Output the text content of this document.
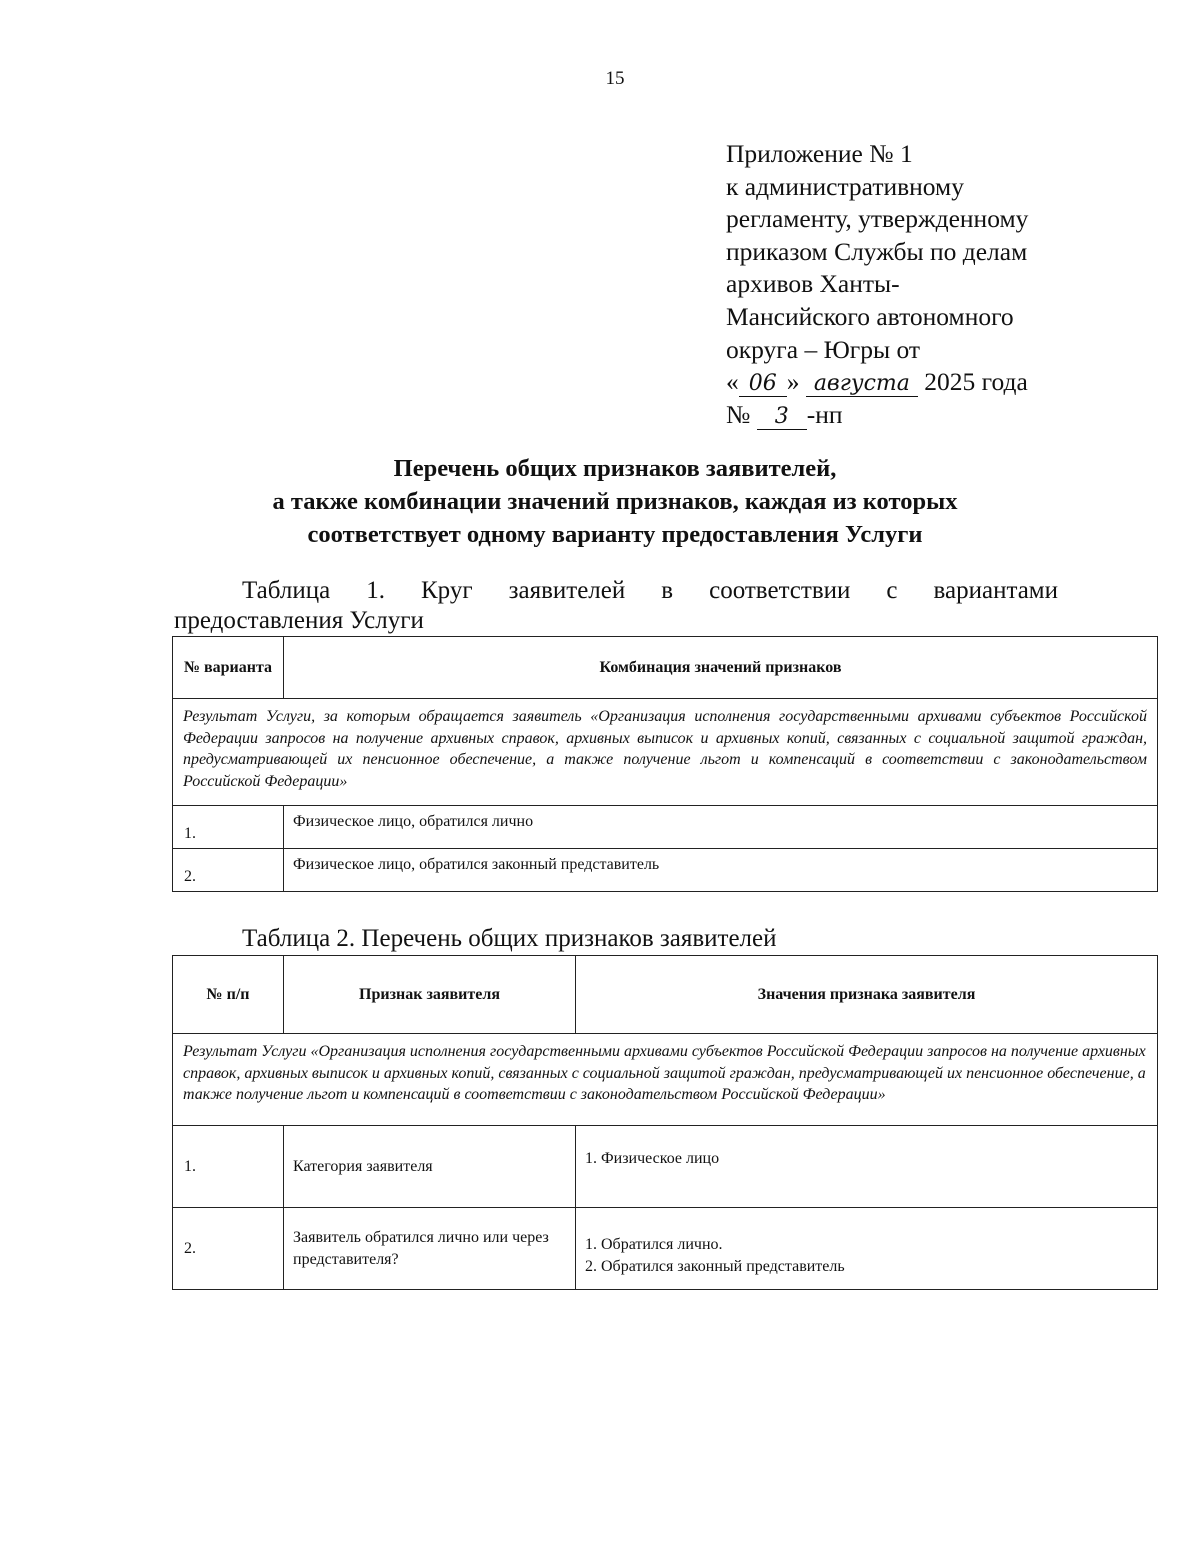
15
Приложение № 1
к административному
регламенту, утвержденному
приказом Службы по делам
архивов Ханты-
Мансийского автономного
округа – Югры от
« 06 » августа 2025 года
№ 3 -нп
Перечень общих признаков заявителей,
а также комбинации значений признаков, каждая из которых
соответствует одному варианту предоставления Услуги
Таблица 1. Круг заявителей в соответствии с вариантами
предоставления Услуги
№ варианта	Комбинация значений признаков
Результат Услуги, за которым обращается заявитель «Организация исполнения государственными архивами субъектов Российской Федерации запросов на получение архивных справок, архивных выписок и архивных копий, связанных с социальной защитой граждан, предусматривающей их пенсионное обеспечение, а также получение льгот и компенсаций в соответствии с законодательством Российской Федерации»	
1.	Физическое лицо, обратился лично
2.	Физическое лицо, обратился законный представитель
Таблица 2. Перечень общих признаков заявителей
№ п/п	Признак заявителя	Значения признака заявителя
Результат Услуги «Организация исполнения государственными архивами субъектов Российской Федерации запросов на получение архивных справок, архивных выписок и архивных копий, связанных с социальной защитой граждан, предусматривающей их пенсионное обеспечение, а также получение льгот и компенсаций в соответствии с законодательством Российской Федерации»		
1.	Категория заявителя	1. Физическое лицо

2.	Заявитель обратился лично или через представителя?	1. Обратился лично.
2. Обратился законный представитель
